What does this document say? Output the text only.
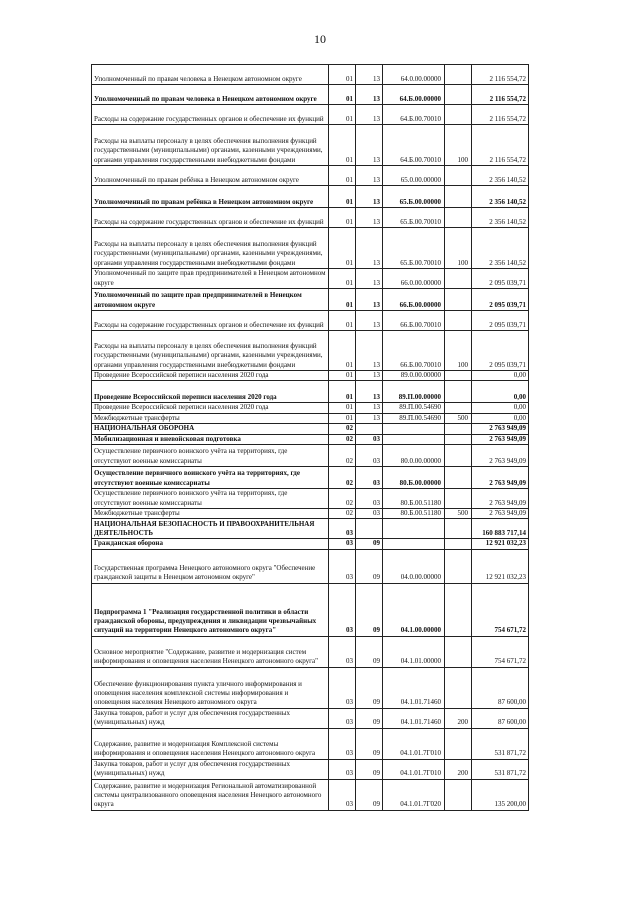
10
Уполномоченный по правам человека в Ненецком автономном округе	01	13	64.0.00.00000		2 116 554,72
Уполномоченный по правам человека в Ненецком автономном округе	01	13	64.Б.00.00000		2 116 554,72
Расходы на содержание государственных органов и обеспечение их функций	01	13	64.Б.00.70010		2 116 554,72
Расходы на выплаты персоналу в целях обеспечения выполнения функций государственными (муниципальными) органами, казенными учреждениями, органами управления государственными внебюджетными фондами	01	13	64.Б.00.70010	100	2 116 554,72
Уполномоченный по правам ребёнка в Ненецком автономном округе	01	13	65.0.00.00000		2 356 140,52
Уполномоченный по правам ребёнка в Ненецком автономном округе	01	13	65.Б.00.00000		2 356 140,52
Расходы на содержание государственных органов и обеспечение их функций	01	13	65.Б.00.70010		2 356 140,52
Расходы на выплаты персоналу в целях обеспечения выполнения функций государственными (муниципальными) органами, казенными учреждениями, органами управления государственными внебюджетными фондами	01	13	65.Б.00.70010	100	2 356 140,52
Уполномоченный по защите прав предпринимателей в Ненецком автономном округе	01	13	66.0.00.00000		2 095 039,71
Уполномоченный по защите прав предпринимателей в Ненецком автономном округе	01	13	66.Б.00.00000		2 095 039,71
Расходы на содержание государственных органов и обеспечение их функций	01	13	66.Б.00.70010		2 095 039,71
Расходы на выплаты персоналу в целях обеспечения выполнения функций государственными (муниципальными) органами, казенными учреждениями, органами управления государственными внебюджетными фондами	01	13	66.Б.00.70010	100	2 095 039,71
Проведение Всероссийской переписи населения 2020 года	01	13	89.0.00.00000		0,00
Проведение Всероссийской переписи населения 2020 года	01	13	89.П.00.00000		0,00
Проведение Всероссийской переписи населения 2020 года	01	13	89.П.00.54690		0,00
Межбюджетные трансферты	01	13	89.П.00.54690	500	0,00
НАЦИОНАЛЬНАЯ ОБОРОНА	02				2 763 949,09
Мобилизационная и вневойсковая подготовка	02	03			2 763 949,09
Осуществление первичного воинского учёта на территориях, где отсутствуют военные комиссариаты	02	03	80.0.00.00000		2 763 949,09
Осуществление первичного воинского учёта на территориях, где отсутствуют военные комиссариаты	02	03	80.Б.00.00000		2 763 949,09
Осуществление первичного воинского учёта на территориях, где отсутствуют военные комиссариаты	02	03	80.Б.00.51180		2 763 949,09
Межбюджетные трансферты	02	03	80.Б.00.51180	500	2 763 949,09
НАЦИОНАЛЬНАЯ БЕЗОПАСНОСТЬ И ПРАВООХРАНИТЕЛЬНАЯ ДЕЯТЕЛЬНОСТЬ	03				160 883 717,14
Гражданская оборона	03	09			12 921 032,23
Государственная программа Ненецкого автономного округа "Обеспечение гражданской защиты в Ненецком автономном округе"	03	09	04.0.00.00000		12 921 032,23
Подпрограмма 1 "Реализация государственной политики в области гражданской обороны, предупреждения и ликвидации чрезвычайных ситуаций на территории Ненецкого автономного округа"	03	09	04.1.00.00000		754 671,72
Основное мероприятие "Содержание, развитие и модернизация систем информирования и оповещения населения Ненецкого автономного округа"	03	09	04.1.01.00000		754 671,72
Обеспечение функционирования пункта уличного информирования и оповещения населения комплексной системы информирования и оповещения населения Ненецкого автономного округа	03	09	04.1.01.71460		87 600,00
Закупка товаров, работ и услуг для обеспечения государственных (муниципальных) нужд	03	09	04.1.01.71460	200	87 600,00
Содержание, развитие и модернизация Комплексной системы информирования и оповещения населения Ненецкого автономного округа	03	09	04.1.01.7Г010		531 871,72
Закупка товаров, работ и услуг для обеспечения государственных (муниципальных) нужд	03	09	04.1.01.7Г010	200	531 871,72
Содержание, развитие и модернизация Региональной автоматизированной системы централизованного оповещения населения Ненецкого автономного округа	03	09	04.1.01.7Г020		135 200,00
